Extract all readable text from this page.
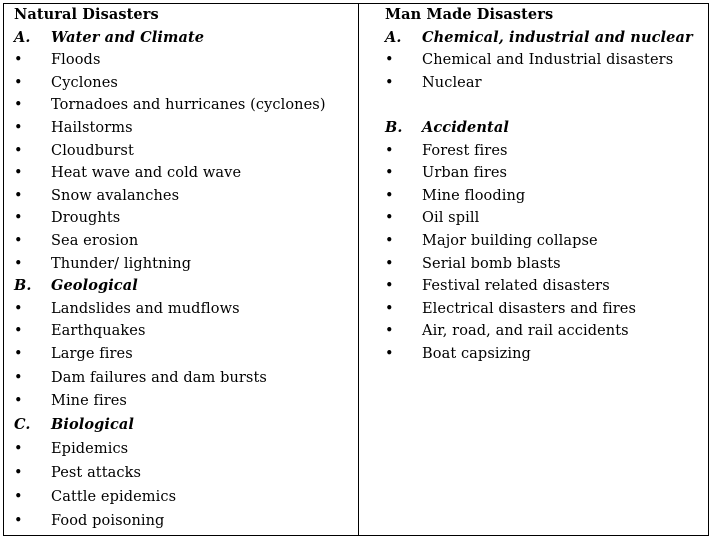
Natural Disasters
A. Water and Climate
• Floods
• Cyclones
• Tornadoes and hurricanes (cyclones)
• Hailstorms
• Cloudburst
• Heat wave and cold wave
• Snow avalanches
• Droughts
• Sea erosion
• Thunder/ lightning
B. Geological
• Landslides and mudflows
• Earthquakes
• Large fires
• Dam failures and dam bursts
• Mine fires
C. Biological
• Epidemics
• Pest attacks
• Cattle epidemics
• Food poisoning
Man Made Disasters
A. Chemical, industrial and nuclear
• Chemical and Industrial disasters
• Nuclear
B. Accidental
• Forest fires
• Urban fires
• Mine flooding
• Oil spill
• Major building collapse
• Serial bomb blasts
• Festival related disasters
• Electrical disasters and fires
• Air, road, and rail accidents
• Boat capsizing
